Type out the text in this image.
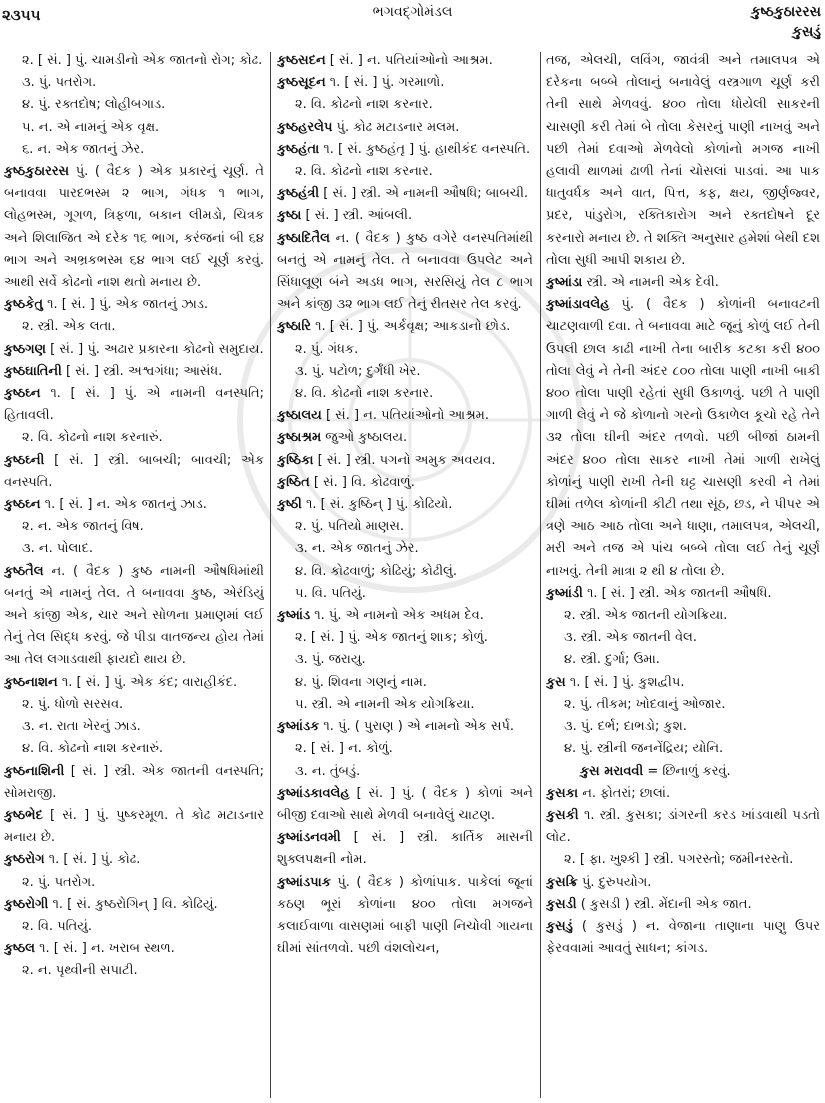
૨૩૫૫	ભગવદ્ગોમંડલ	કુષ્ઠકુઠારરસ
કુસડું
૨. [ સં. ] પું. ચામડીનો એક જાતનો રોગ; કોઢ.
૩. પું. પતરોગ.
૪. પું. રક્તદોષ; લોહીબગાડ.
૫. ન. એ નામનું એક વૃક્ષ.
૬. ન. એક જાતનું ઝેર.
કુષ્ઠકુઠારરસ પું. ( વૈદક ) એક પ્રકારનું ચૂર્ણ. તે બનાવવા પારદભસ્મ ૨ ભાગ, ગંધક ૧ ભાગ, લોહભસ્મ, ગૂગળ, ત્રિફળા, બકાન લીમડો, ચિત્રક અને શિલાજિત એ દરેક ૧૬ ભાગ, કરંજનાં બી ૬૪ ભાગ અને અભ્રકભસ્મ ૬૪ ભાગ લઈ ચૂર્ણ કરવું. આથી સર્વે કોઢનો નાશ થતો મનાય છે.
કુષ્ઠકેતુ ૧. [ સં. ] પું. એક જાતનું ઝાડ.
૨. સ્ત્રી. એક લતા.
કુષ્ઠગણ [ સં. ] પું. અઢાર પ્રકારના કોઢનો સમુદાય.
કુષ્ઠઘાતિની [ સં. ] સ્ત્રી. અશ્વગંધા; આસંધ.
કુષ્ઠઘ્ન ૧. [ સં. ] પું. એ નામની વનસ્પતિ; હિતાવલી.
૨. વિ. કોઢનો નાશ કરનારું.
કુષ્ઠઘ્ની [ સં. ] સ્ત્રી. બાબચી; બાવચી; એક વનસ્પતિ.
કુષ્ઠઘ્ન ૧. [ સં. ] ન. એક જાતનું ઝાડ.
૨. ન. એક જાતનું વિષ.
૩. ન. પોલાદ.
કુષ્ઠતૈલ ન. ( વૈદક ) કુષ્ઠ નામની ઔષધિમાંથી બનતું એ નામનું તેલ. તે બનાવવા કુષ્ઠ, એરંડિયું અને કાંજી એક, ચાર અને સોળના પ્રમાણમાં લઈ તેનું તેલ સિદ્ધ કરવું. જે પીડા વાતજન્ય હોય તેમાં આ તેલ લગાડવાથી ફાયદો થાય છે.
કુષ્ઠનાશન ૧. [ સં. ] પું. એક કંદ; વારાહીકંદ.
૨. પું. ધોળો સરસવ.
૩. ન. રાતા ખેરનું ઝાડ.
૪. વિ. કોઢનો નાશ કરનારું.
કુષ્ઠનાશિની [ સં. ] સ્ત્રી. એક જાતની વનસ્પતિ; સોમરાજી.
કુષ્ઠભેદ [ સં. ] પું. પુષ્કરમૂળ. તે કોઢ મટાડનાર મનાય છે.
કુષ્ઠરોગ ૧. [ સં. ] પું. કોઢ.
૨. પું. પતરોગ.
કુષ્ઠરોગી ૧. [ સં. કુષ્ઠરોગિન્ ] વિ. કોઢિયું.
૨. વિ. પતિયું.
કુષ્ઠલ ૧. [ સં. ] ન. ખરાબ સ્થળ.
૨. ન. પૃથ્વીની સપાટી.
કુષ્ઠસદન [ સં. ] ન. પતિયાંઓનો આશ્રમ.
કુષ્ઠસૂદન ૧. [ સં. ] પું. ગરમાળો.
૨. વિ. કોઢનો નાશ કરનાર.
કુષ્ઠહરલેપ પું. કોઢ મટાડનાર મલમ.
કુષ્ઠહંતા ૧. [ સં. કુષ્ઠહંતૃ ] પું. હાથીકંદ વનસ્પતિ.
૨. વિ. કોઢનો નાશ કરનાર.
કુષ્ઠહંત્રી [ સં. ] સ્ત્રી. એ નામની ઔષધિ; બાબચી.
કુષ્ઠા [ સં. ] સ્ત્રી. આંબલી.
કુષ્ઠાદિતૈલ ન. ( વૈદક ) કુષ્ઠ વગેરે વનસ્પતિમાંથી બનતું એ નામનું તેલ. તે બનાવવા ઉપલેટ અને સિંધાલૂણ બંને અડધ ભાગ, સરસિયું તેલ ૮ ભાગ અને કાંજી ૩૨ ભાગ લઈ તેનું રીતસર તેલ કરવું.
કુષ્ઠારિ ૧. [ સં. ] પું. અર્કવૃક્ષ; આકડાનો છોડ.
૨. પું. ગંધક.
૩. પું. પટોળ; દુર્ગંધી ખેર.
૪. વિ. કોઢનો નાશ કરનાર.
કુષ્ઠાલય [ સં. ] ન. પતિયાંઓનો આશ્રમ.
કુષ્ઠાશ્રમ જુઓ કુષ્ઠાલય.
કુષ્ઠિકા [ સં. ] સ્ત્રી. પગનો અમુક અવયવ.
કુષ્ઠિત [ સં. ] વિ. કોઢવાળું.
કુષ્ઠી ૧. [ સં. કુષ્ઠિન્ ] પું. કોઢિયો.
૨. પું. પતિયો માણસ.
૩. ન. એક જાતનું ઝેર.
૪. વિ. કોઢવાળું; કોઢિયું; કોઢીલું.
૫. વિ. પતિયું.
કુષ્માંડ ૧. પું. એ નામનો એક અધમ દેવ.
૨. [ સં. ] પું. એક જાતનું શાક; કોળું.
૩. પું. જરાયુ.
૪. પું. શિવના ગણનું નામ.
૫. સ્ત્રી. એ નામની એક યોગક્રિયા.
કુષ્માંડક ૧. પું. ( પુરાણ ) એ નામનો એક સર્પ.
૨. [ સં. ] ન. કોળું.
૩. ન. તુંબડું.
કુષ્માંડકાવલેહ [ સં. ] પું. ( વૈદક ) કોળાં અને બીજી દવાઓ સાથે મેળવી બનાવેલું ચાટણ.
કુષ્માંડનવમી [ સં. ] સ્ત્રી. કાર્તિક માસની શુક્લપક્ષની નોમ.
કુષ્માંડપાક પું. ( વૈદક ) કોળાંપાક. પાકેલાં જૂનાં કઠણ ભૂરાં કોળાંના ૪૦૦ તોલા મગજને કલાઈવાળા વાસણમાં બાફી પાણી નિચોવી ગાયના ઘીમાં સાંતળવો. પછી વંશલોચન,
તજ, એલચી, લવિંગ, જાવંત્રી અને તમાલપત્ર એ દરેકના બબ્બે તોલાનું બનાવેલું વસ્ત્રગાળ ચૂર્ણ કરી તેની સાથે મેળવવું. ૪૦૦ તોલા ધોયેલી સાકરની ચાસણી કરી તેમાં બે તોલા કેસરનું પાણી નાખવું અને પછી તેમાં દવાઓ મેળવેલો કોળાંનો મગજ નાખી હલાવી થાળમાં ઢાળી તેનાં ચોસલાં પાડવાં. આ પાક ધાતુવર્ધક અને વાત, પિત્ત, કફ, ક્ષય, જીર્ણજ્વર, પ્રદર, પાંડુરોગ, રક્તિકારોગ અને રક્તદોષને દૂર કરનારો મનાય છે. તે શક્તિ અનુસાર હમેશાં બેથી દશ તોલા સુધી આપી શકાય છે.
કુષ્માંડા સ્ત્રી. એ નામની એક દેવી.
કુષ્માંડાવલેહ પું. ( વૈદક ) કોળાંની બનાવટની ચાટણવાળી દવા. તે બનાવવા માટે જૂનું કોળું લઈ તેની ઉપલી છાલ કાઢી નાખી તેના બારીક કટકા કરી ૪૦૦ તોલા લેવું ને તેની અંદર ૮૦૦ તોલા પાણી નાખી બાકી ૪૦૦ તોલા પાણી રહેતાં સુધી ઉકાળવું. પછી તે પાણી ગાળી લેવું ને જે કોળાનો ગરનો ઉકાળેલ કૂચો રહે તેને ૩૨ તોલા ઘીની અંદર તળવો. પછી બીજાં ઠામની અંદર ૪૦૦ તોલા સાકર નાખી તેમાં ગાળી રાખેલું કોળાંનું પાણી રાખી તેની ઘટ્ટ ચાસણી કરવી ને તેમાં ઘીમાં તળેલ કોળાંની કીટી તથા સૂંઠ, છડ, ને પીપર એ ત્રણે આઠ આઠ તોલા અને ધાણા, તમાલપત્ર, એલચી, મરી અને તજ એ પાંચ બબ્બે તોલા લઈ તેનું ચૂર્ણ નાખવું. તેની માત્રા ૨ થી ૪ તોલા છે.
કુષ્માંડી ૧. [ સં. ] સ્ત્રી. એક જાતની ઔષધિ.
૨. સ્ત્રી. એક જાતની યોગક્રિયા.
૩. સ્ત્રી. એક જાતની વેલ.
૪. સ્ત્રી. દુર્ગા; ઉમા.
કુસ ૧. [ સં. ] પું. કુશદ્વીપ.
૨. પું. તીકમ; ખોદવાનું ઓજાર.
૩. પું. દર્ભ; દાભડો; કુશ.
૪. પું. સ્ત્રીની જનનેંદ્રિય; યોનિ.
કુસ મરાવવી = છિનાળું કરવું.
કુસકા ન. ફોતરાં; છાલાં.
કુસકી ૧. સ્ત્રી. કુસકા; ડાંગરની કરડ ખાંડવાથી પડતો લોટ.
૨. [ ફા. ખુશ્કી ] સ્ત્રી. પગરસ્તો; જમીનરસ્તો.
કુસક્રિ પું. દુરુપયોગ.
કુસડી ( કુસડી ) સ્ત્રી. મેંદાની એક જાત.
કુસડું ( કુસડું ) ન. વેજાના તાણાના પાણુ ઉપર ફેરવવામાં આવતું સાધન; કાંગડ.
